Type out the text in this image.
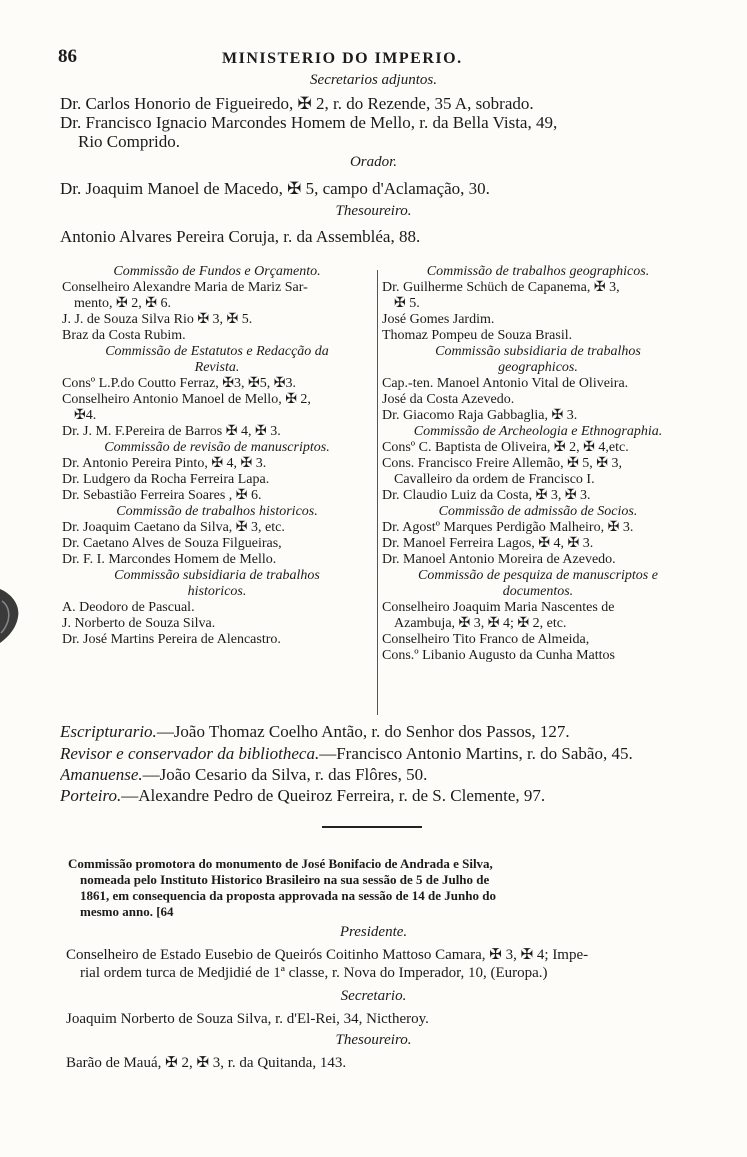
86	MINISTERIO DO IMPERIO.
Secretarios adjuntos.
Dr. Carlos Honorio de Figueiredo, ✠ 2, r. do Rezende, 35 A, sobrado.
Dr. Francisco Ignacio Marcondes Homem de Mello, r. da Bella Vista, 49,
Rio Comprido.
Orador.
Dr. Joaquim Manoel de Macedo, ✠ 5, campo d'Aclamação, 30.
Thesoureiro.
Antonio Alvares Pereira Coruja, r. da Assembléa, 88.
Commissão de Fundos e Orçamento.
Conselheiro Alexandre Maria de Mariz Sar-
mento, ✠ 2, ✠ 6.
J. J. de Souza Silva Rio ✠ 3, ✠ 5.
Braz da Costa Rubim.
Commissão de Estatutos e Redacção da
Revista.
Consº L.P.do Coutto Ferraz, ✠3, ✠5, ✠3.
Conselheiro Antonio Manoel de Mello, ✠ 2,
✠4.
Dr. J. M. F.Pereira de Barros ✠ 4, ✠ 3.
Commissão de revisão de manuscriptos.
Dr. Antonio Pereira Pinto, ✠ 4, ✠ 3.
Dr. Ludgero da Rocha Ferreira Lapa.
Dr. Sebastião Ferreira Soares , ✠ 6.
Commissão de trabalhos historicos.
Dr. Joaquim Caetano da Silva, ✠ 3, etc.
Dr. Caetano Alves de Souza Filgueiras,
Dr. F. I. Marcondes Homem de Mello.
Commissão subsidiaria de trabalhos
historicos.
A. Deodoro de Pascual.
J. Norberto de Souza Silva.
Dr. José Martins Pereira de Alencastro.
Commissão de trabalhos geographicos.
Dr. Guilherme Schüch de Capanema, ✠ 3,
✠ 5.
José Gomes Jardim.
Thomaz Pompeu de Souza Brasil.
Commissão subsidiaria de trabalhos
geographicos.
Cap.-ten. Manoel Antonio Vital de Oliveira.
José da Costa Azevedo.
Dr. Giacomo Raja Gabbaglia, ✠ 3.
Commissão de Archeologia e Ethnographia.
Consº C. Baptista de Oliveira, ✠ 2, ✠ 4,etc.
Cons. Francisco Freire Allemão, ✠ 5, ✠ 3,
Cavalleiro da ordem de Francisco I.
Dr. Claudio Luiz da Costa, ✠ 3, ✠ 3.
Commissão de admissão de Socios.
Dr. Agostº Marques Perdigão Malheiro, ✠ 3.
Dr. Manoel Ferreira Lagos, ✠ 4, ✠ 3.
Dr. Manoel Antonio Moreira de Azevedo.
Commissão de pesquiza de manuscriptos e
documentos.
Conselheiro Joaquim Maria Nascentes de
Azambuja, ✠ 3, ✠ 4; ✠ 2, etc.
Conselheiro Tito Franco de Almeida,
Cons.º Libanio Augusto da Cunha Mattos
Escripturario.—João Thomaz Coelho Antão, r. do Senhor dos Passos, 127.
Revisor e conservador da bibliotheca.—Francisco Antonio Martins, r. do Sabão, 45.
Amanuense.—João Cesario da Silva, r. das Flôres, 50.
Porteiro.—Alexandre Pedro de Queiroz Ferreira, r. de S. Clemente, 97.
Commissão promotora do monumento de José Bonifacio de Andrada e Silva,
nomeada pelo Instituto Historico Brasileiro na sua sessão de 5 de Julho de
1861, em consequencia da proposta approvada na sessão de 14 de Junho do
mesmo anno. [64
Presidente.
Conselheiro de Estado Eusebio de Queirós Coitinho Mattoso Camara, ✠ 3, ✠ 4; Impe-
rial ordem turca de Medjidié de 1ª classe, r. Nova do Imperador, 10, (Europa.)
Secretario.
Joaquim Norberto de Souza Silva, r. d'El-Rei, 34, Nictheroy.
Thesoureiro.
Barão de Mauá, ✠ 2, ✠ 3, r. da Quitanda, 143.
